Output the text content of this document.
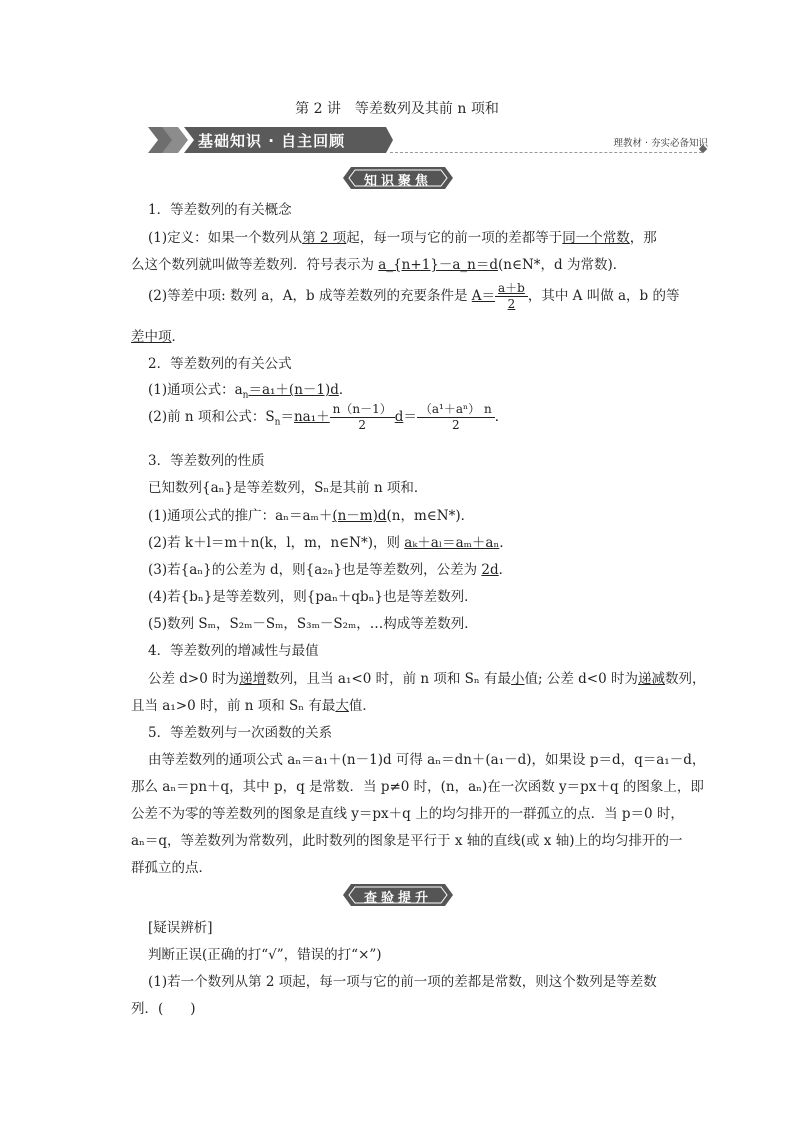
第 2 讲　等差数列及其前 n 项和
基础知识 · 自主回顾	理教材 · 夯实必备知识
知识聚焦
1．等差数列的有关概念
(1)定义：如果一个数列从第 2 项起，每一项与它的前一项的差都等于同一个常数，那
么这个数列就叫做等差数列．符号表示为 a_{n+1}－a_n＝d(n∈N*，d 为常数)．
(2)等差中项: 数列 a，A，b 成等差数列的充要条件是 $A= \frac{a+b}{2}$ ，其中 A 叫做 a，b 的等
差中项．
2．等差数列的有关公式
(1)通项公式：$a_n=a_1+(n-1)d$．
(2)前 n 项和公式：$S_n=na_1+ \frac{n(n-1)}{2} d= \frac{\text{（a¹＋aⁿ） n}}{2}$ ．
3．等差数列的性质
已知数列{aₙ}是等差数列，Sₙ是其前 n 项和．
(1)通项公式的推广：aₙ＝aₘ＋(n－m)d(n，m∈N*)．
(2)若 k＋l＝m＋n(k，l，m，n∈N*)，则 aₖ＋aₗ＝aₘ＋aₙ．
(3)若{aₙ}的公差为 d，则{a₂ₙ}也是等差数列，公差为 2d．
(4)若{bₙ}是等差数列，则{paₙ＋qbₙ}也是等差数列．
(5)数列 Sₘ，S₂ₘ－Sₘ，S₃ₘ－S₂ₘ，…构成等差数列．
4．等差数列的增减性与最值
公差 d>0 时为递增数列，且当 a₁<0 时，前 n 项和 Sₙ 有最小值; 公差 d<0 时为递减数列，
且当 a₁>0 时，前 n 项和 Sₙ 有最大值．
5．等差数列与一次函数的关系
由等差数列的通项公式 aₙ＝a₁＋(n－1)d 可得 aₙ＝dn＋(a₁－d)，如果设 p＝d，q＝a₁－d，
那么 aₙ＝pn＋q，其中 p，q 是常数．当 p≠0 时，(n，aₙ)在一次函数 y＝px＋q 的图象上，即
公差不为零的等差数列的图象是直线 y＝px＋q 上的均匀排开的一群孤立的点．当 p＝0 时，
aₙ＝q，等差数列为常数列，此时数列的图象是平行于 x 轴的直线(或 x 轴)上的均匀排开的一
群孤立的点．
查验提升
[疑误辨析]
判断正误(正确的打“√”，错误的打“×”)
(1)若一个数列从第 2 项起，每一项与它的前一项的差都是常数，则这个数列是等差数
列．(　　)
